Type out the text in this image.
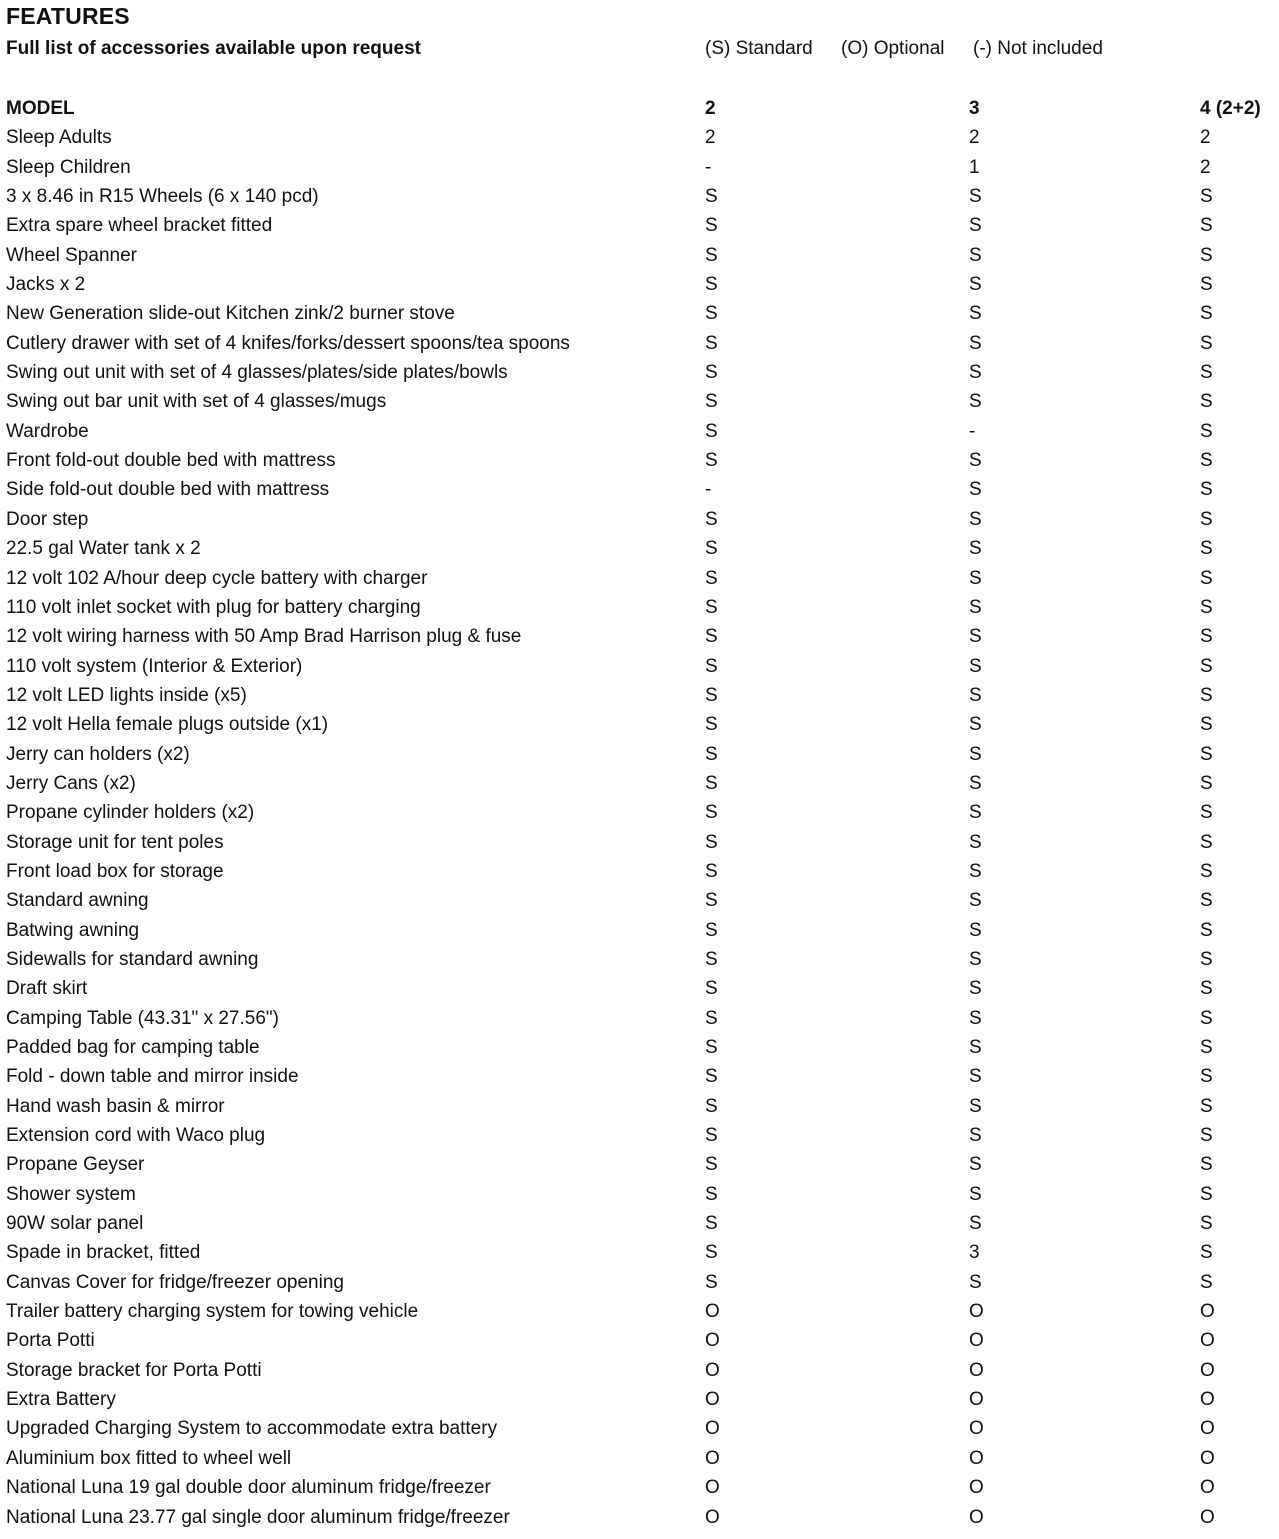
FEATURES
Full list of accessories available upon request	(S) Standard (O) Optional (-) Not included
MODEL	2	3	4 (2+2)
Sleep Adults	2	2	2
Sleep Children	-	1	2
3 x 8.46 in R15 Wheels (6 x 140 pcd)	S	S	S
Extra spare wheel bracket fitted	S	S	S
Wheel Spanner	S	S	S
Jacks x 2	S	S	S
New Generation slide-out Kitchen zink/2 burner stove	S	S	S
Cutlery drawer with set of 4 knifes/forks/dessert spoons/tea spoons	S	S	S
Swing out unit with set of 4 glasses/plates/side plates/bowls	S	S	S
Swing out bar unit with set of 4 glasses/mugs	S	S	S
Wardrobe	S	-	S
Front fold-out double bed with mattress	S	S	S
Side fold-out double bed with mattress	-	S	S
Door step	S	S	S
22.5 gal Water tank x 2	S	S	S
12 volt 102 A/hour deep cycle battery with charger	S	S	S
110 volt inlet socket with plug for battery charging	S	S	S
12 volt wiring harness with 50 Amp Brad Harrison plug & fuse	S	S	S
110 volt system (Interior & Exterior)	S	S	S
12 volt LED lights inside (x5)	S	S	S
12 volt Hella female plugs outside (x1)	S	S	S
Jerry can holders (x2)	S	S	S
Jerry Cans (x2)	S	S	S
Propane cylinder holders (x2)	S	S	S
Storage unit for tent poles	S	S	S
Front load box for storage	S	S	S
Standard awning	S	S	S
Batwing awning	S	S	S
Sidewalls for standard awning	S	S	S
Draft skirt	S	S	S
Camping Table (43.31" x 27.56")	S	S	S
Padded bag for camping table	S	S	S
Fold - down table and mirror inside	S	S	S
Hand wash basin & mirror	S	S	S
Extension cord with Waco plug	S	S	S
Propane Geyser	S	S	S
Shower system	S	S	S
90W solar panel	S	S	S
Spade in bracket, fitted	S	3	S
Canvas Cover for fridge/freezer opening	S	S	S
Trailer battery charging system for towing vehicle	O	O	O
Porta Potti	O	O	O
Storage bracket for Porta Potti	O	O	O
Extra Battery	O	O	O
Upgraded Charging System to accommodate extra battery	O	O	O
Aluminium box fitted to wheel well	O	O	O
National Luna 19 gal double door aluminum fridge/freezer	O	O	O
National Luna 23.77 gal single door aluminum fridge/freezer	O	O	O
